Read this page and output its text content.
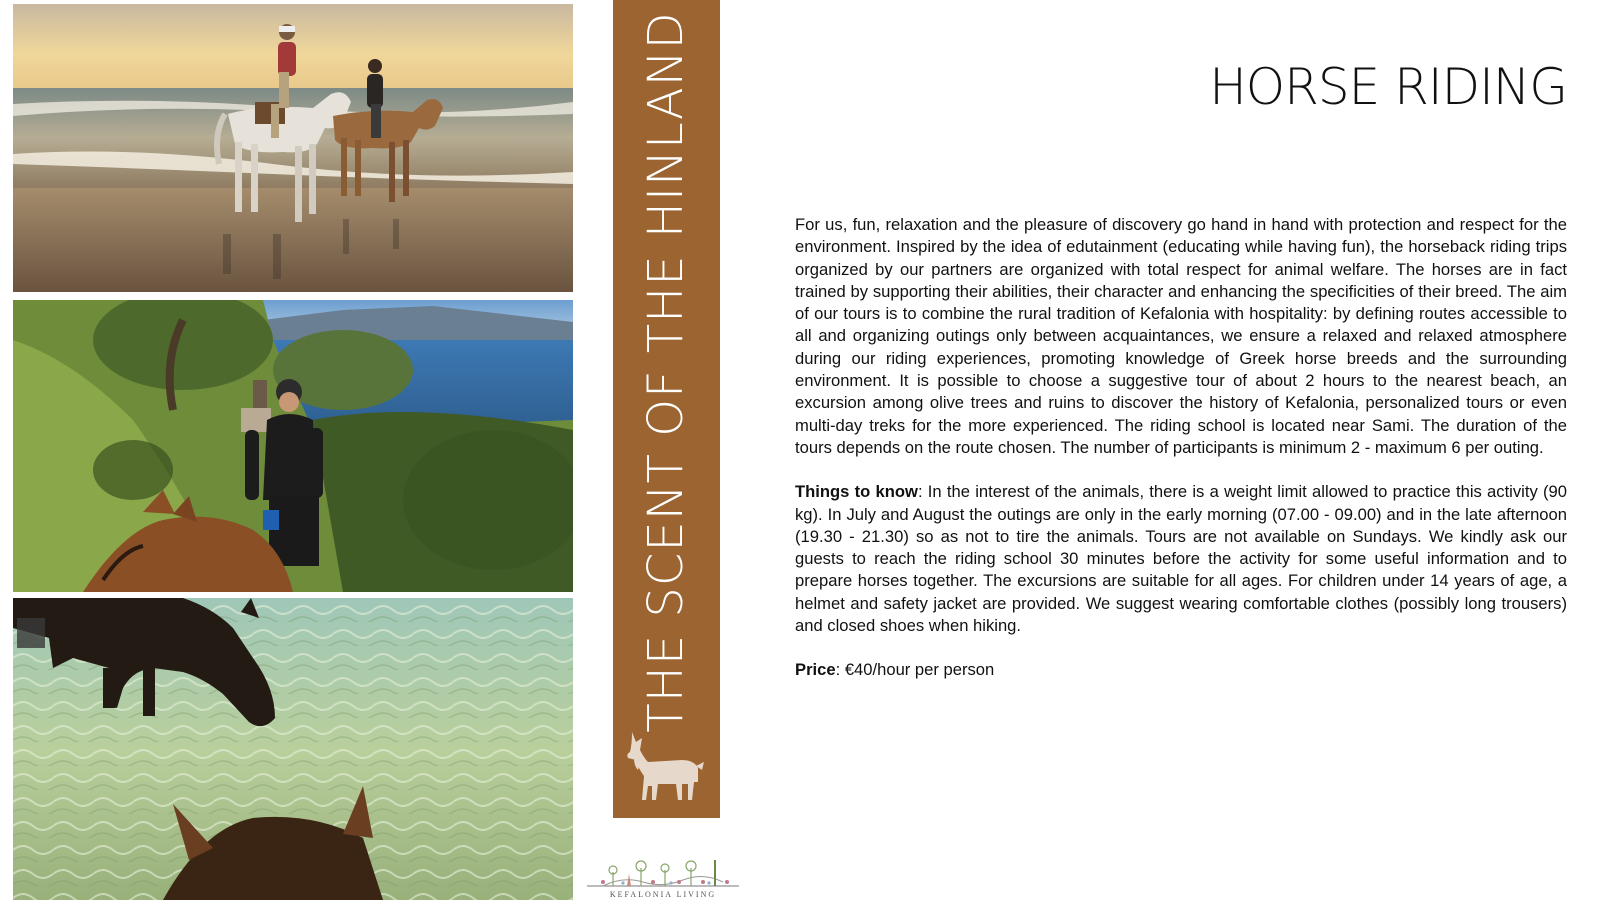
THE SCENT OF THE HINLAND
KEFALONIA LIVING
HORSE RIDING

For us, fun, relaxation and the pleasure of discovery go hand in hand with protection and respect for the environment. Inspired by the idea of edutainment (educating while having fun), the horseback riding trips organized by our partners are organized with total respect for animal welfare. The horses are in fact trained by supporting their abilities, their character and enhancing the specificities of their breed. The aim of our tours is to combine the rural tradition of Kefalonia with hospitality: by defining routes accessible to all and organizing outings only between acquaintances, we ensure a relaxed and relaxed atmosphere during our riding experiences, promoting knowledge of Greek horse breeds and the surrounding environment. It is possible to choose a suggestive tour of about 2 hours to the nearest beach, an excursion among olive trees and ruins to discover the history of Kefalonia, personalized tours or even multi-day treks for the more experienced. The riding school is located near Sami. The duration of the tours depends on the route chosen. The number of participants is minimum 2 - maximum 6 per outing.

Things to know: In the interest of the animals, there is a weight limit allowed to practice this activity (90 kg). In July and August the outings are only in the early morning (07.00 - 09.00) and in the late afternoon (19.30 - 21.30) so as not to tire the animals. Tours are not available on Sundays. We kindly ask our guests to reach the riding school 30 minutes before the activity for some useful information and to prepare horses together. The excursions are suitable for all ages. For children under 14 years of age, a helmet and safety jacket are provided. We suggest wearing comfortable clothes (possibly long trousers) and closed shoes when hiking.

Price: €40/hour per person
